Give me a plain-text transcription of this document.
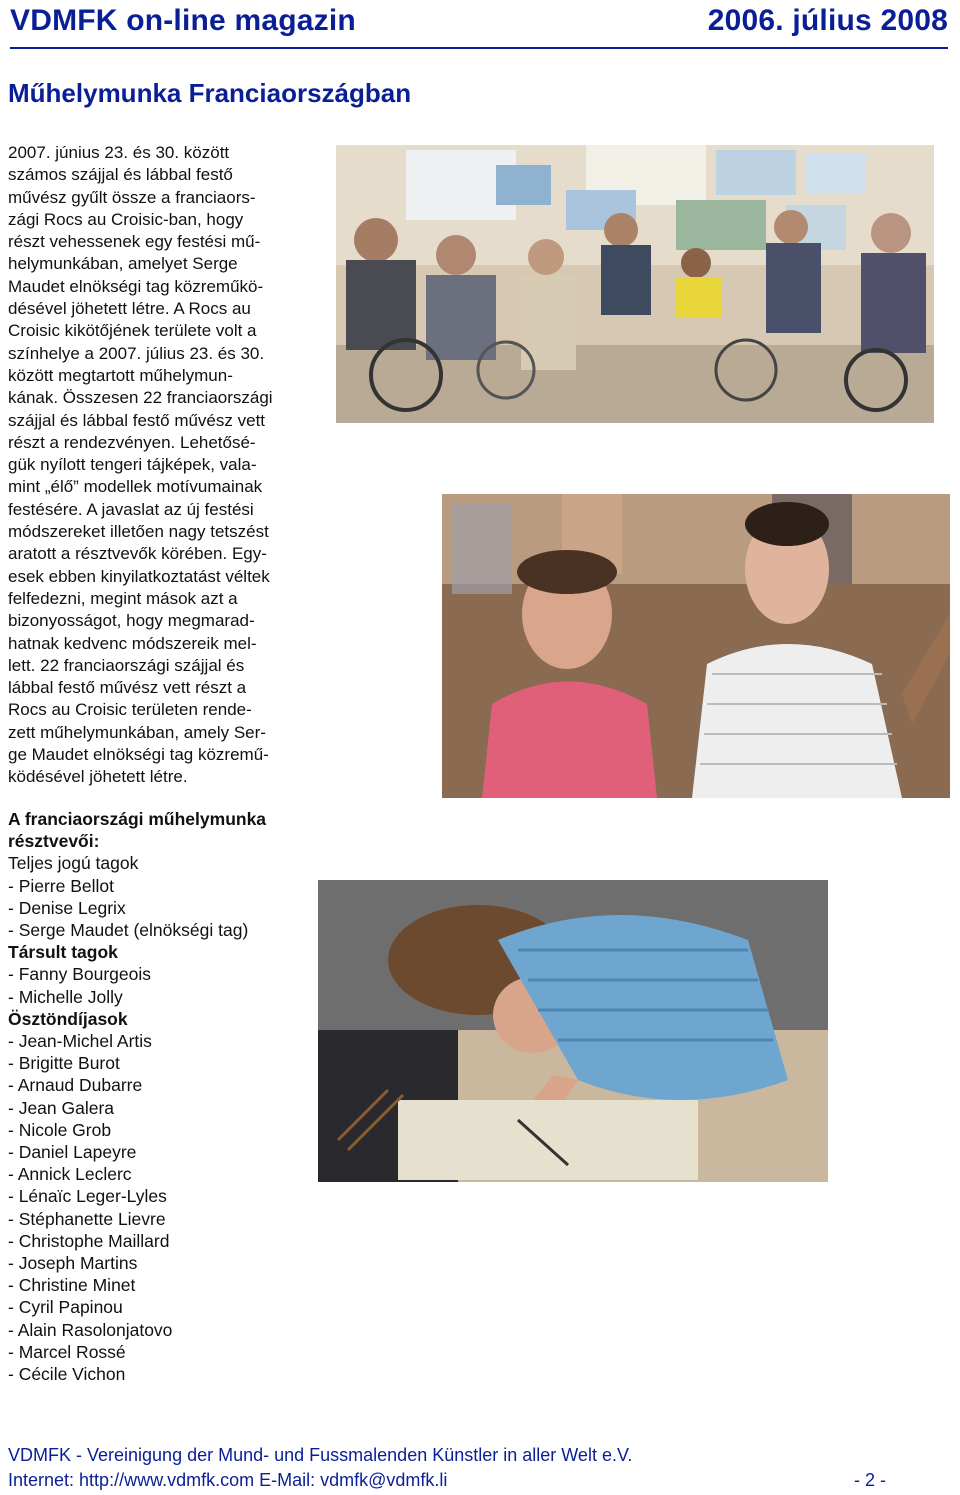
VDMFK on-line magazin	2006. július 2008
Műhelymunka Franciaországban
2007. június 23. és 30. között
számos szájjal és lábbal festő
művész gyűlt össze a franciaors-
zági Rocs au Croisic-ban, hogy
részt vehessenek egy festési mű-
helymunkában, amelyet Serge
Maudet elnökségi tag közreműkö-
désével jöhetett létre. A Rocs au
Croisic kikötőjének területe volt a
színhelye a 2007. július 23. és 30.
között megtartott műhelymun-
kának. Összesen 22 franciaországi
szájjal és lábbal festő művész vett
részt a rendezvényen. Lehetősé-
gük nyílott tengeri tájképek, vala-
mint „élő” modellek motívumainak
festésére. A javaslat az új festési
módszereket illetően nagy tetszést
aratott a résztvevők körében. Egy-
esek ebben kinyilatkoztatást véltek
felfedezni, megint mások azt a
bizonyosságot, hogy megmarad-
hatnak kedvenc módszereik mel-
lett. 22 franciaországi szájjal és
lábbal festő művész vett részt a
Rocs au Croisic területen rende-
zett műhelymunkában, amely Ser-
ge Maudet elnökségi tag közremű-
ködésével jöhetett létre.
A franciaországi műhelymunka
résztvevői:
Teljes jogú tagok
- Pierre Bellot
- Denise Legrix
- Serge Maudet (elnökségi tag)
Társult tagok
- Fanny Bourgeois
- Michelle Jolly
Ösztöndíjasok
- Jean-Michel Artis
- Brigitte Burot
- Arnaud Dubarre
- Jean Galera
- Nicole Grob
- Daniel Lapeyre
- Annick Leclerc
- Lénaïc Leger-Lyles
- Stéphanette Lievre
- Christophe Maillard
- Joseph Martins
- Christine Minet
- Cyril Papinou
- Alain Rasolonjatovo
- Marcel Rossé
- Cécile Vichon
VDMFK - Vereinigung der Mund- und Fussmalenden Künstler in aller Welt e.V.
Internet: http://www.vdmfk.com E-Mail: vdmfk@vdmfk.li	- 2 -
